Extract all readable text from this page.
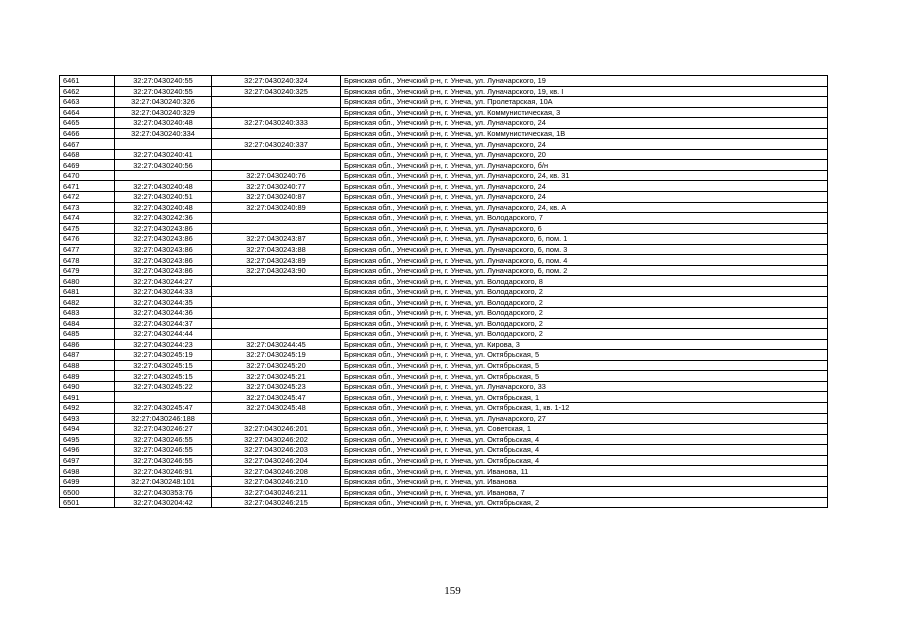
6461	32:27:0430240:55	32:27:0430240:324	Брянская обл., Унечский р-н, г. Унеча, ул. Луначарского, 19
6462	32:27:0430240:55	32:27:0430240:325	Брянская обл., Унечский р-н, г. Унеча, ул. Луначарского, 19, кв. I
6463	32:27:0430240:326		Брянская обл., Унечский р-н, г. Унеча, ул. Пролетарская, 10А
6464	32:27:0430240:329		Брянская обл., Унечский р-н, г. Унеча, ул. Коммунистическая, 3
6465	32:27:0430240:48	32:27:0430240:333	Брянская обл., Унечский р-н, г. Унеча, ул. Луначарского, 24
6466	32:27:0430240:334		Брянская обл., Унечский р-н, г. Унеча, ул. Коммунистическая, 1В
6467		32:27:0430240:337	Брянская обл., Унечский р-н, г. Унеча, ул. Луначарского, 24
6468	32:27:0430240:41		Брянская обл., Унечский р-н, г. Унеча, ул. Луначарского, 20
6469	32:27:0430240:56		Брянская обл., Унечский р-н, г. Унеча, ул. Луначарского, б/н
6470		32:27:0430240:76	Брянская обл., Унечский р-н, г. Унеча, ул. Луначарского, 24, кв. 31
6471	32:27:0430240:48	32:27:0430240:77	Брянская обл., Унечский р-н, г. Унеча, ул. Луначарского, 24
6472	32:27:0430240:51	32:27:0430240:87	Брянская обл., Унечский р-н, г. Унеча, ул. Луначарского, 24
6473	32:27:0430240:48	32:27:0430240:89	Брянская обл., Унечский р-н, г. Унеча, ул. Луначарского, 24, кв. А
6474	32:27:0430242:36		Брянская обл., Унечский р-н, г. Унеча, ул. Володарского, 7
6475	32:27:0430243:86		Брянская обл., Унечский р-н, г. Унеча, ул. Луначарского, 6
6476	32:27:0430243:86	32:27:0430243:87	Брянская обл., Унечский р-н, г. Унеча, ул. Луначарского, 6, пом. 1
6477	32:27:0430243:86	32:27:0430243:88	Брянская обл., Унечский р-н, г. Унеча, ул. Луначарского, 6, пом. 3
6478	32:27:0430243:86	32:27:0430243:89	Брянская обл., Унечский р-н, г. Унеча, ул. Луначарского, 6, пом. 4
6479	32:27:0430243:86	32:27:0430243:90	Брянская обл., Унечский р-н, г. Унеча, ул. Луначарского, 6, пом. 2
6480	32:27:0430244:27		Брянская обл., Унечский р-н, г. Унеча, ул. Володарского, 8
6481	32:27:0430244:33		Брянская обл., Унечский р-н, г. Унеча, ул. Володарского, 2
6482	32:27:0430244:35		Брянская обл., Унечский р-н, г. Унеча, ул. Володарского, 2
6483	32:27:0430244:36		Брянская обл., Унечский р-н, г. Унеча, ул. Володарского, 2
6484	32:27:0430244:37		Брянская обл., Унечский р-н, г. Унеча, ул. Володарского, 2
6485	32:27:0430244:44		Брянская обл., Унечский р-н, г. Унеча, ул. Володарского, 2
6486	32:27:0430244:23	32:27:0430244:45	Брянская обл., Унечский р-н, г. Унеча, ул. Кирова, 3
6487	32:27:0430245:19	32:27:0430245:19	Брянская обл., Унечский р-н, г. Унеча, ул. Октябрьская, 5
6488	32:27:0430245:15	32:27:0430245:20	Брянская обл., Унечский р-н, г. Унеча, ул. Октябрьская, 5
6489	32:27:0430245:15	32:27:0430245:21	Брянская обл., Унечский р-н, г. Унеча, ул. Октябрьская, 5
6490	32:27:0430245:22	32:27:0430245:23	Брянская обл., Унечский р-н, г. Унеча, ул. Луначарского, 33
6491		32:27:0430245:47	Брянская обл., Унечский р-н, г. Унеча, ул. Октябрьская, 1
6492	32:27:0430245:47	32:27:0430245:48	Брянская обл., Унечский р-н, г. Унеча, ул. Октябрьская, 1, кв. 1-12
6493	32:27:0430246:188		Брянская обл., Унечский р-н, г. Унеча, ул. Луначарского, 27
6494	32:27:0430246:27	32:27:0430246:201	Брянская обл., Унечский р-н, г. Унеча, ул. Советская, 1
6495	32:27:0430246:55	32:27:0430246:202	Брянская обл., Унечский р-н, г. Унеча, ул. Октябрьская, 4
6496	32:27:0430246:55	32:27:0430246:203	Брянская обл., Унечский р-н, г. Унеча, ул. Октябрьская, 4
6497	32:27:0430246:55	32:27:0430246:204	Брянская обл., Унечский р-н, г. Унеча, ул. Октябрьская, 4
6498	32:27:0430246:91	32:27:0430246:208	Брянская обл., Унечский р-н, г. Унеча, ул. Иванова, 11
6499	32:27:0430248:101	32:27:0430246:210	Брянская обл., Унечский р-н, г. Унеча, ул. Иванова
6500	32:27:0430353:76	32:27:0430246:211	Брянская обл., Унечский р-н, г. Унеча, ул. Иванова, 7
6501	32:27:0430204:42	32:27:0430246:215	Брянская обл., Унечский р-н, г. Унеча, ул. Октябрьская, 2
159
